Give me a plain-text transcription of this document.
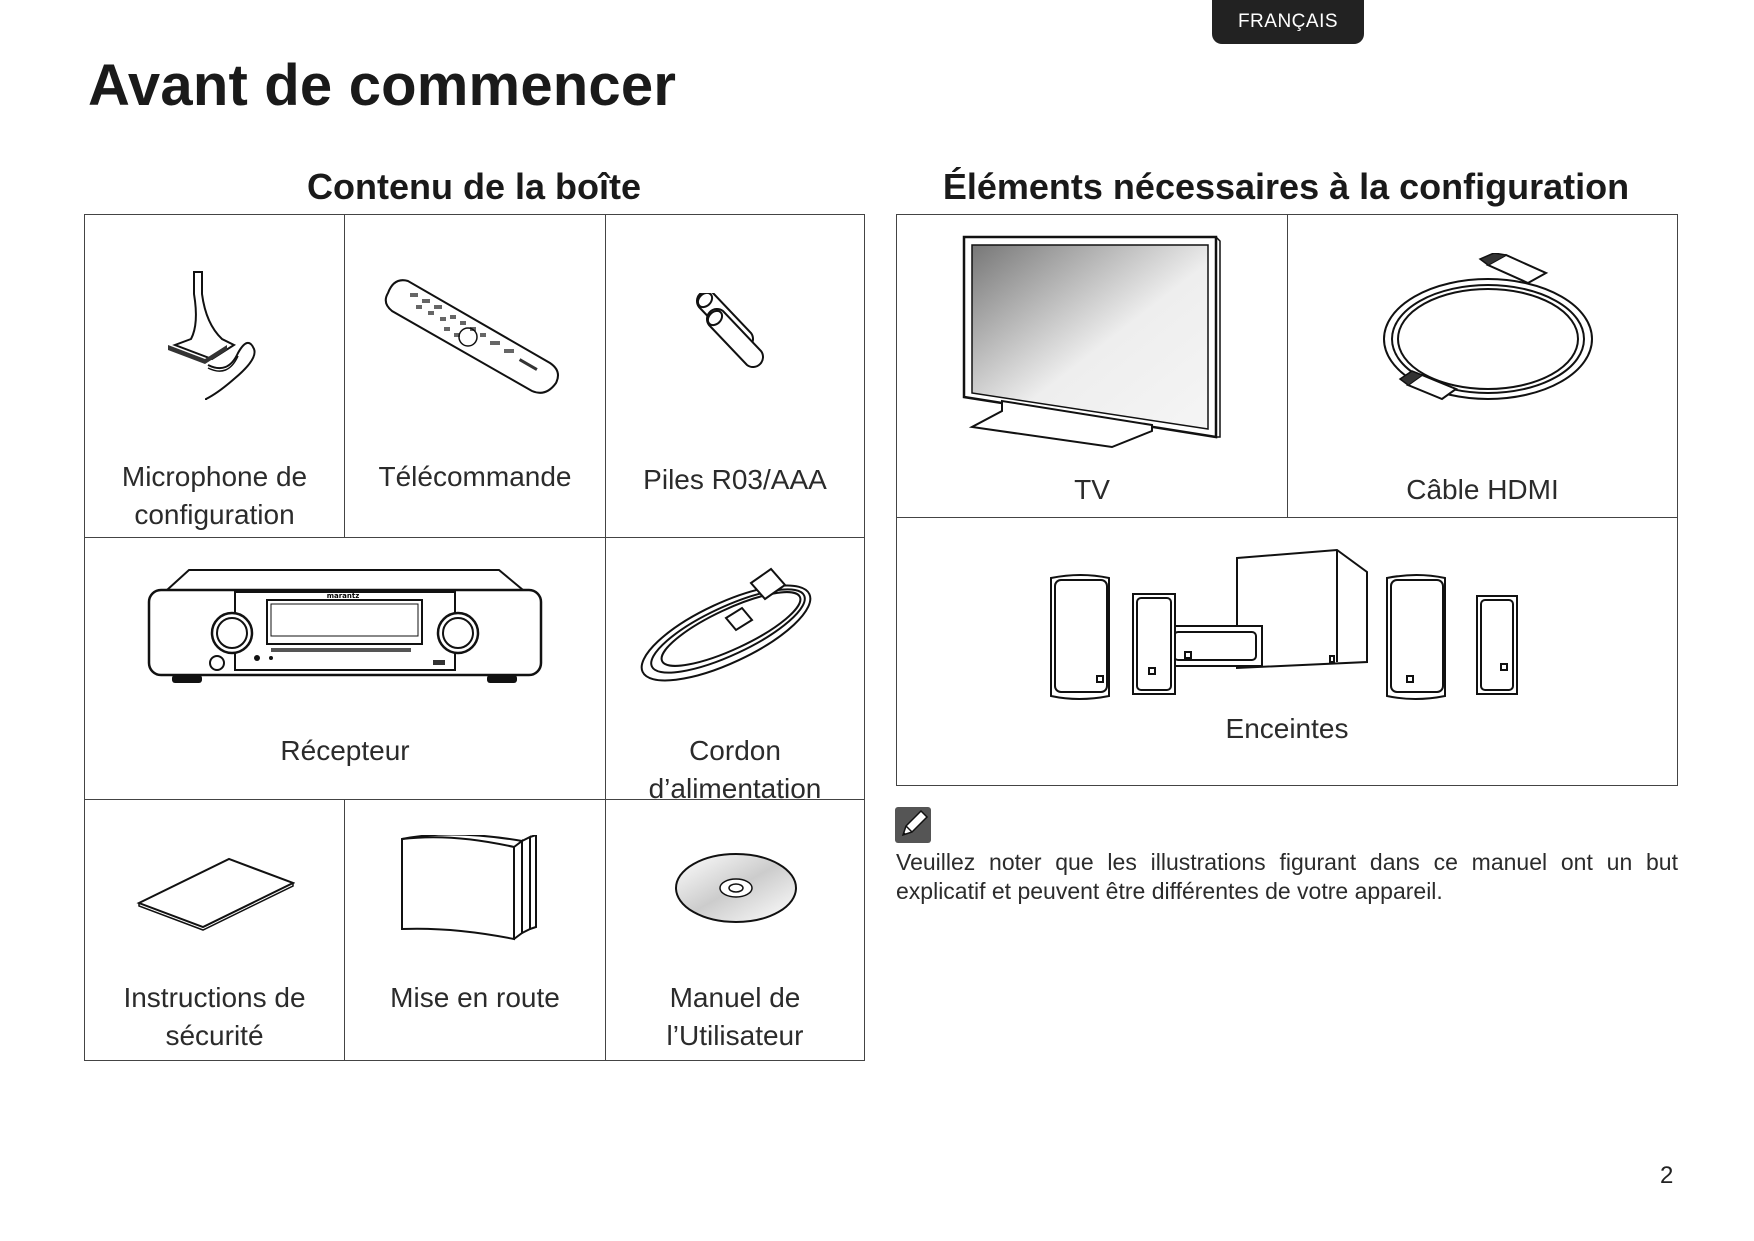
FRANÇAIS
Avant de commencer
Contenu de la boîte	Éléments nécessaires à la configuration
Microphone de
configuration
Télécommande	Piles R03/AAA
marantz
Récepteur	Cordon
d’alimentation
Instructions de
sécurité
Mise en route	Manuel de
l’Utilisateur
TV	Câble HDMI
Enceintes

Veuillez noter que les illustrations figurant dans ce manuel ont un but explicatif et peuvent être différentes de votre appareil.

2
